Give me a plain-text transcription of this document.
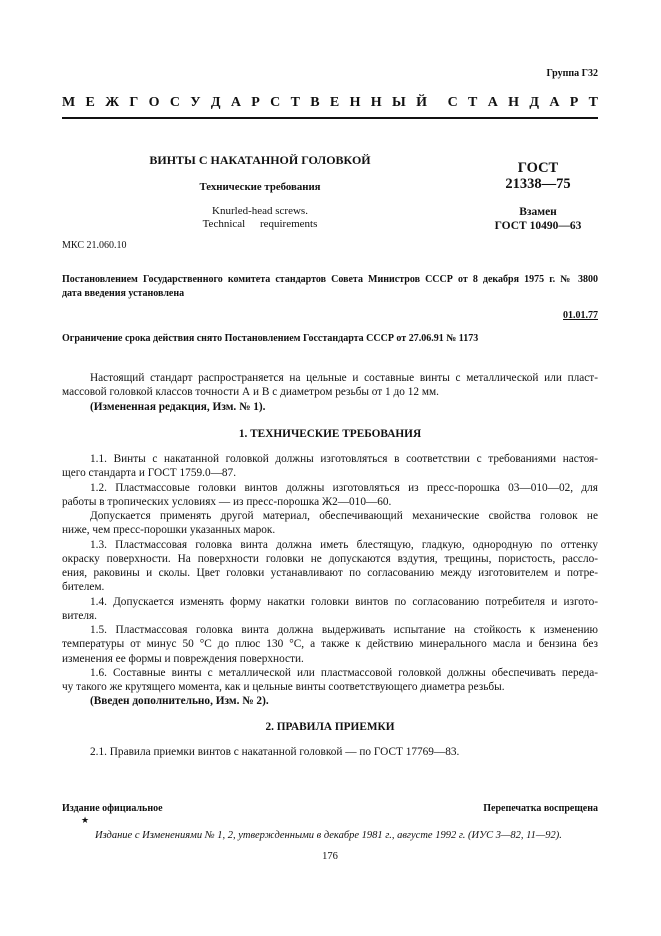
Группа Г32
М Е Ж Г О С У Д А Р С Т В Е Н Н Ы Й  С Т А Н Д А Р Т
ВИНТЫ С НАКАТАННОЙ ГОЛОВКОЙ
Технические требования
Knurled-head screws.
Technical requirements
ГОСТ
21338—75
Взамен
ГОСТ 10490—63
МКС 21.060.10
Постановлением Государственного комитета стандартов Совета Министров СССР от 8 декабря 1975 г. № 3800
дата введения установлена
01.01.77
Ограничение срока действия снято Постановлением Госстандарта СССР от 27.06.91 № 1173
Настоящий стандарт распространяется на цельные и составные винты с металлической или пласт-
массовой головкой классов точности А и В с диаметром резьбы от 1 до 12 мм.
(Измененная редакция, Изм. № 1).
1. ТЕХНИЧЕСКИЕ ТРЕБОВАНИЯ
1.1. Винты с накатанной головкой должны изготовляться в соответствии с требованиями настоя-
щего стандарта и ГОСТ 1759.0—87.
1.2. Пластмассовые головки винтов должны изготовляться из пресс-порошка 03—010—02, для
работы в тропических условиях — из пресс-порошка Ж2—010—60.
Допускается применять другой материал, обеспечивающий механические свойства головок не
ниже, чем пресс-порошки указанных марок.
1.3. Пластмассовая головка винта должна иметь блестящую, гладкую, однородную по оттенку
окраску поверхности. На поверхности головки не допускаются вздутия, трещины, пористость, рассло-
ения, раковины и сколы. Цвет головки устанавливают по согласованию между изготовителем и потре-
бителем.
1.4. Допускается изменять форму накатки головки винтов по согласованию потребителя и изгото-
вителя.
1.5. Пластмассовая головка винта должна выдерживать испытание на стойкость к изменению
температуры от минус 50 °C до плюс 130 °C, а также к действию минерального масла и бензина без
изменения ее формы и повреждения поверхности.
1.6. Составные винты с металлической или пластмассовой головкой должны обеспечивать переда-
чу такого же крутящего момента, как и цельные винты соответствующего диаметра резьбы.
(Введен дополнительно, Изм. № 2).
2. ПРАВИЛА ПРИЕМКИ
2.1. Правила приемки винтов с накатанной головкой — по ГОСТ 17769—83.
Издание официальное	Перепечатка воспрещена
★
Издание с Изменениями № 1, 2, утвержденными в декабре 1981 г., августе 1992 г. (ИУС 3—82, 11—92).
176
